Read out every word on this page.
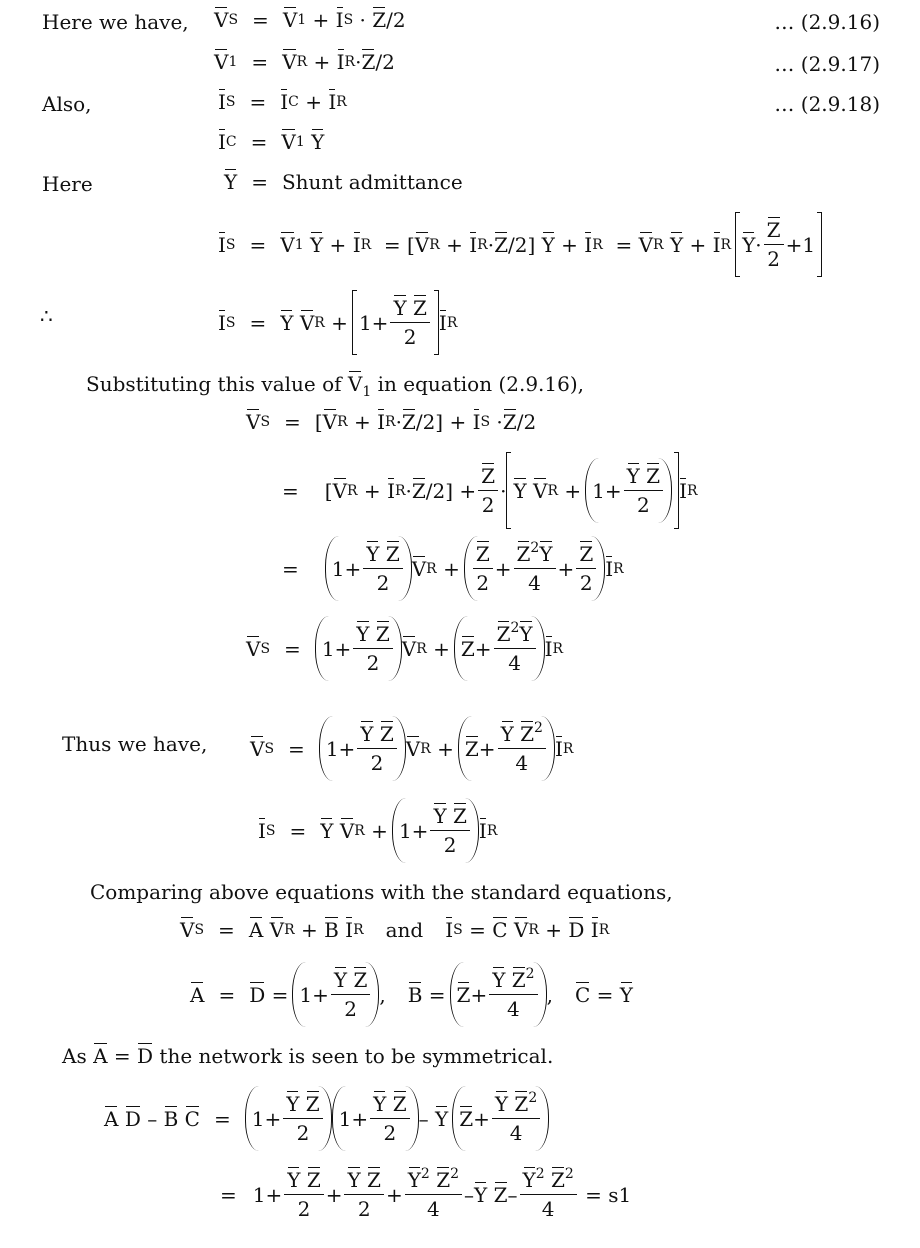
Here we have, V S = V 1 + I S · Z /2	… (2.9.16)
V 1 = V R + I R · Z /2	… (2.9.17)
Also,	I S = I C + I R	… (2.9.18)
I C = V 1
Y
Here	Y = Shunt admittance
I S = V 1
Y + I R = [ V R + I R · Z /2] Y + I R = V R
Y + I R $Y \cdot \frac{Z}{2} +1$
∴	I S = Y
V $R + 1+ \frac{\text{Y Z}}{2}$ I R
Substituting this value of $V_1$ in equation (2.9.16),
V S = [ V R + I R · Z /2] + I S · Z /2
= [ V R + I R · Z $/2] + \frac{Z}{2} \cdot Y$
V $R + 1+ \frac{\text{Y Z}}{2}$ I R
=	$1+ \frac{\text{Y Z}}{2}$ V $R + \frac{Z}{2} + \frac{Z^2Y}{4} + \frac{Z}{2}$ I R
V S =	$1+ \frac{\text{Y Z}}{2}$ V $R + Z + \frac{Z^2Y}{4}$ I R
Thus we have, V S =	$1+ \frac{\text{Y Z}}{2}$ V $R + Z + \frac{Y Z^2}{4}$ I R
I S = Y
V $R + 1+ \frac{\text{Y Z}}{2}$ I R
Comparing above equations with the standard equations,
V S = A
V R + B
I R and I S = C
V R + D
I R
$A = D = 1+ \frac{\text{Y Z}}{2}$ , $B = Z + \frac{Y Z^2}{4}$ , C = Y
As A = D the network is seen to be symmetrical.
A
D – B
C =	$1+ \frac{\text{Y Z}}{2} 1+ \frac{\text{Y Z}}{2} - Y$ $Z + \frac{Y Z^2}{4}$
= $1+ \frac{\text{Y Z}}{2} + \frac{\text{Y Z}}{2} + \frac{Y^2 Z^2}{4} - Y$
Z – $\frac{Y^2 Z^2}{4}$
= s1
